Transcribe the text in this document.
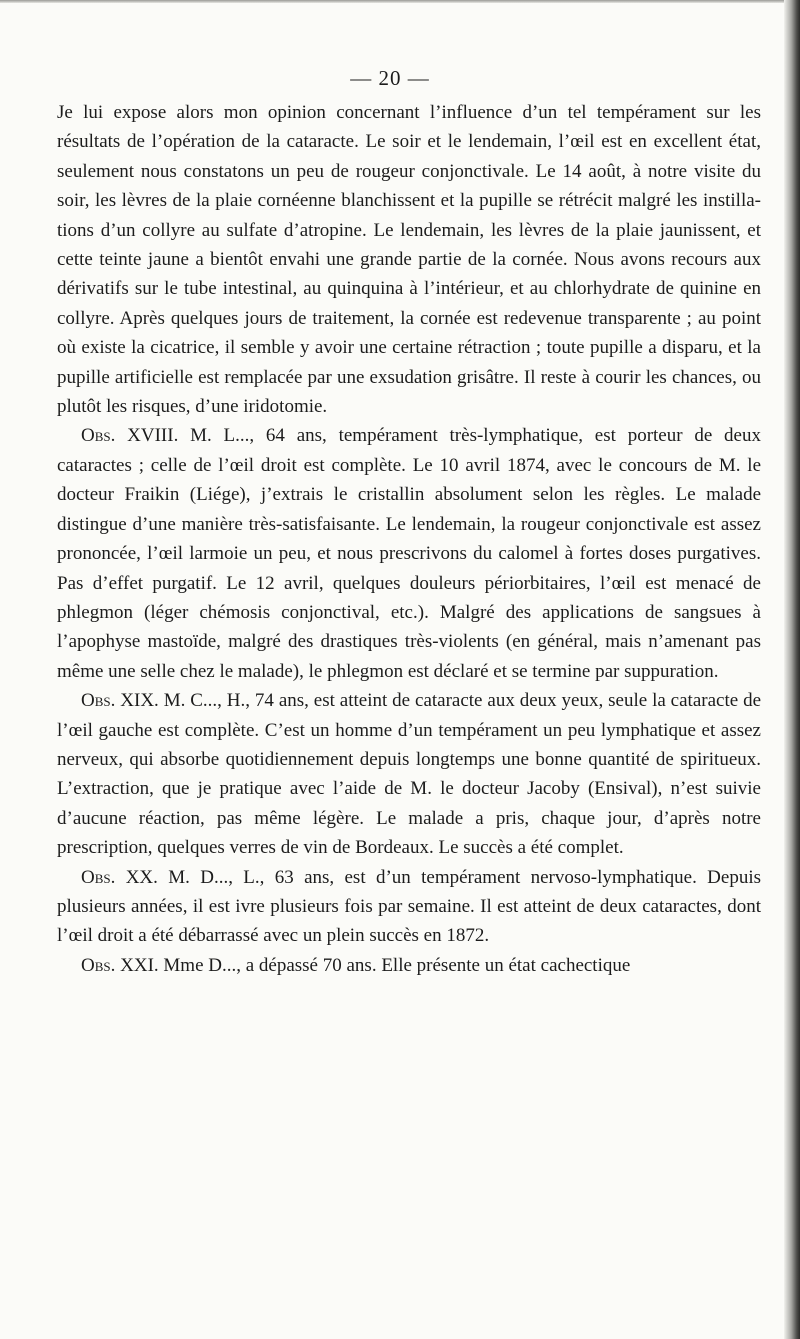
— 20 —

Je lui expose alors mon opinion concernant l’influence d’un tel tempérament sur les résultats de l’opération de la cataracte. Le soir et le lendemain, l’œil est en excellent état, seulement nous constatons un peu de rougeur conjonctivale. Le 14 août, à notre visite du soir, les lèvres de la plaie cornéenne blanchissent et la pupille se rétrécit malgré les instillations d’un collyre au sulfate d’atropine. Le lendemain, les lèvres de la plaie jaunissent, et cette teinte jaune a bientôt envahi une grande partie de la cornée. Nous avons recours aux dérivatifs sur le tube intestinal, au quinquina à l’intérieur, et au chlorhydrate de quinine en collyre. Après quelques jours de traitement, la cornée est redevenue transparente ; au point où existe la cicatrice, il semble y avoir une certaine rétraction ; toute pupille a disparu, et la pupille artificielle est remplacée par une exsudation grisâtre. Il reste à courir les chances, ou plutôt les risques, d’une iridotomie.

Obs. XVIII. M. L..., 64 ans, tempérament très-lymphatique, est porteur de deux cataractes ; celle de l’œil droit est complète. Le 10 avril 1874, avec le concours de M. le docteur Fraikin (Liége), j’extrais le cristallin absolument selon les règles. Le malade distingue d’une manière très-satisfaisante. Le lendemain, la rougeur conjonctivale est assez prononcée, l’œil larmoie un peu, et nous prescrivons du calomel à fortes doses purgatives. Pas d’effet purgatif. Le 12 avril, quelques douleurs périorbitaires, l’œil est menacé de phlegmon (léger chémosis conjonctival, etc.). Malgré des applications de sangsues à l’apophyse mastoïde, malgré des drastiques très-violents (en général, mais n’amenant pas même une selle chez le malade), le phlegmon est déclaré et se termine par suppuration.

Obs. XIX. M. C..., H., 74 ans, est atteint de cataracte aux deux yeux, seule la cataracte de l’œil gauche est complète. C’est un homme d’un tempérament un peu lymphatique et assez nerveux, qui absorbe quotidiennement depuis longtemps une bonne quantité de spiritueux. L’extraction, que je pratique avec l’aide de M. le docteur Jacoby (Ensival), n’est suivie d’aucune réaction, pas même légère. Le malade a pris, chaque jour, d’après notre prescription, quelques verres de vin de Bordeaux. Le succès a été complet.

Obs. XX. M. D..., L., 63 ans, est d’un tempérament nervoso-lymphatique. Depuis plusieurs années, il est ivre plusieurs fois par semaine. Il est atteint de deux cataractes, dont l’œil droit a été débarrassé avec un plein succès en 1872.

Obs. XXI. Mme D..., a dépassé 70 ans. Elle présente un état cachectique
